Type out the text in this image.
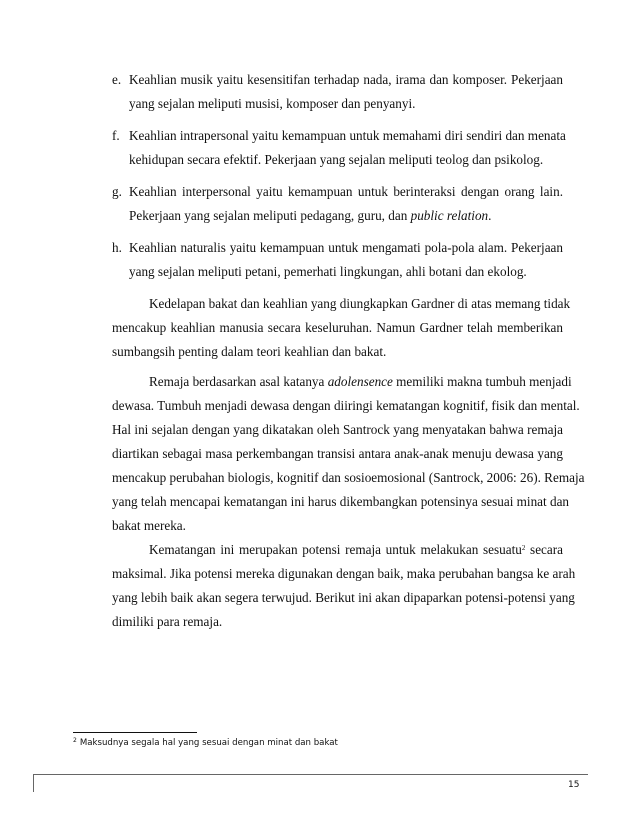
e. Keahlian musik yaitu kesensitifan terhadap nada, irama dan komposer. Pekerjaan
yang sejalan meliputi musisi, komposer dan penyanyi.
f. Keahlian intrapersonal yaitu kemampuan untuk memahami diri sendiri dan menata
kehidupan secara efektif. Pekerjaan yang sejalan meliputi teolog dan psikolog.
g. Keahlian interpersonal yaitu kemampuan untuk berinteraksi dengan orang lain.
Pekerjaan yang sejalan meliputi pedagang, guru, dan public relation.
h. Keahlian naturalis yaitu kemampuan untuk mengamati pola-pola alam. Pekerjaan
yang sejalan meliputi petani, pemerhati lingkungan, ahli botani dan ekolog.
Kedelapan bakat dan keahlian yang diungkapkan Gardner di atas memang tidak
mencakup keahlian manusia secara keseluruhan. Namun Gardner telah memberikan
sumbangsih penting dalam teori keahlian dan bakat.
Remaja berdasarkan asal katanya adolensence memiliki makna tumbuh menjadi
dewasa. Tumbuh menjadi dewasa dengan diiringi kematangan kognitif, fisik dan mental.
Hal ini sejalan dengan yang dikatakan oleh Santrock yang menyatakan bahwa remaja
diartikan sebagai masa perkembangan transisi antara anak-anak menuju dewasa yang
mencakup perubahan biologis, kognitif dan sosioemosional (Santrock, 2006: 26). Remaja
yang telah mencapai kematangan ini harus dikembangkan potensinya sesuai minat dan
bakat mereka.
Kematangan ini merupakan potensi remaja untuk melakukan sesuatu$^2$ secara
maksimal. Jika potensi mereka digunakan dengan baik, maka perubahan bangsa ke arah
yang lebih baik akan segera terwujud. Berikut ini akan dipaparkan potensi-potensi yang
dimiliki para remaja.
$^2$ Maksudnya segala hal yang sesuai dengan minat dan bakat
15
